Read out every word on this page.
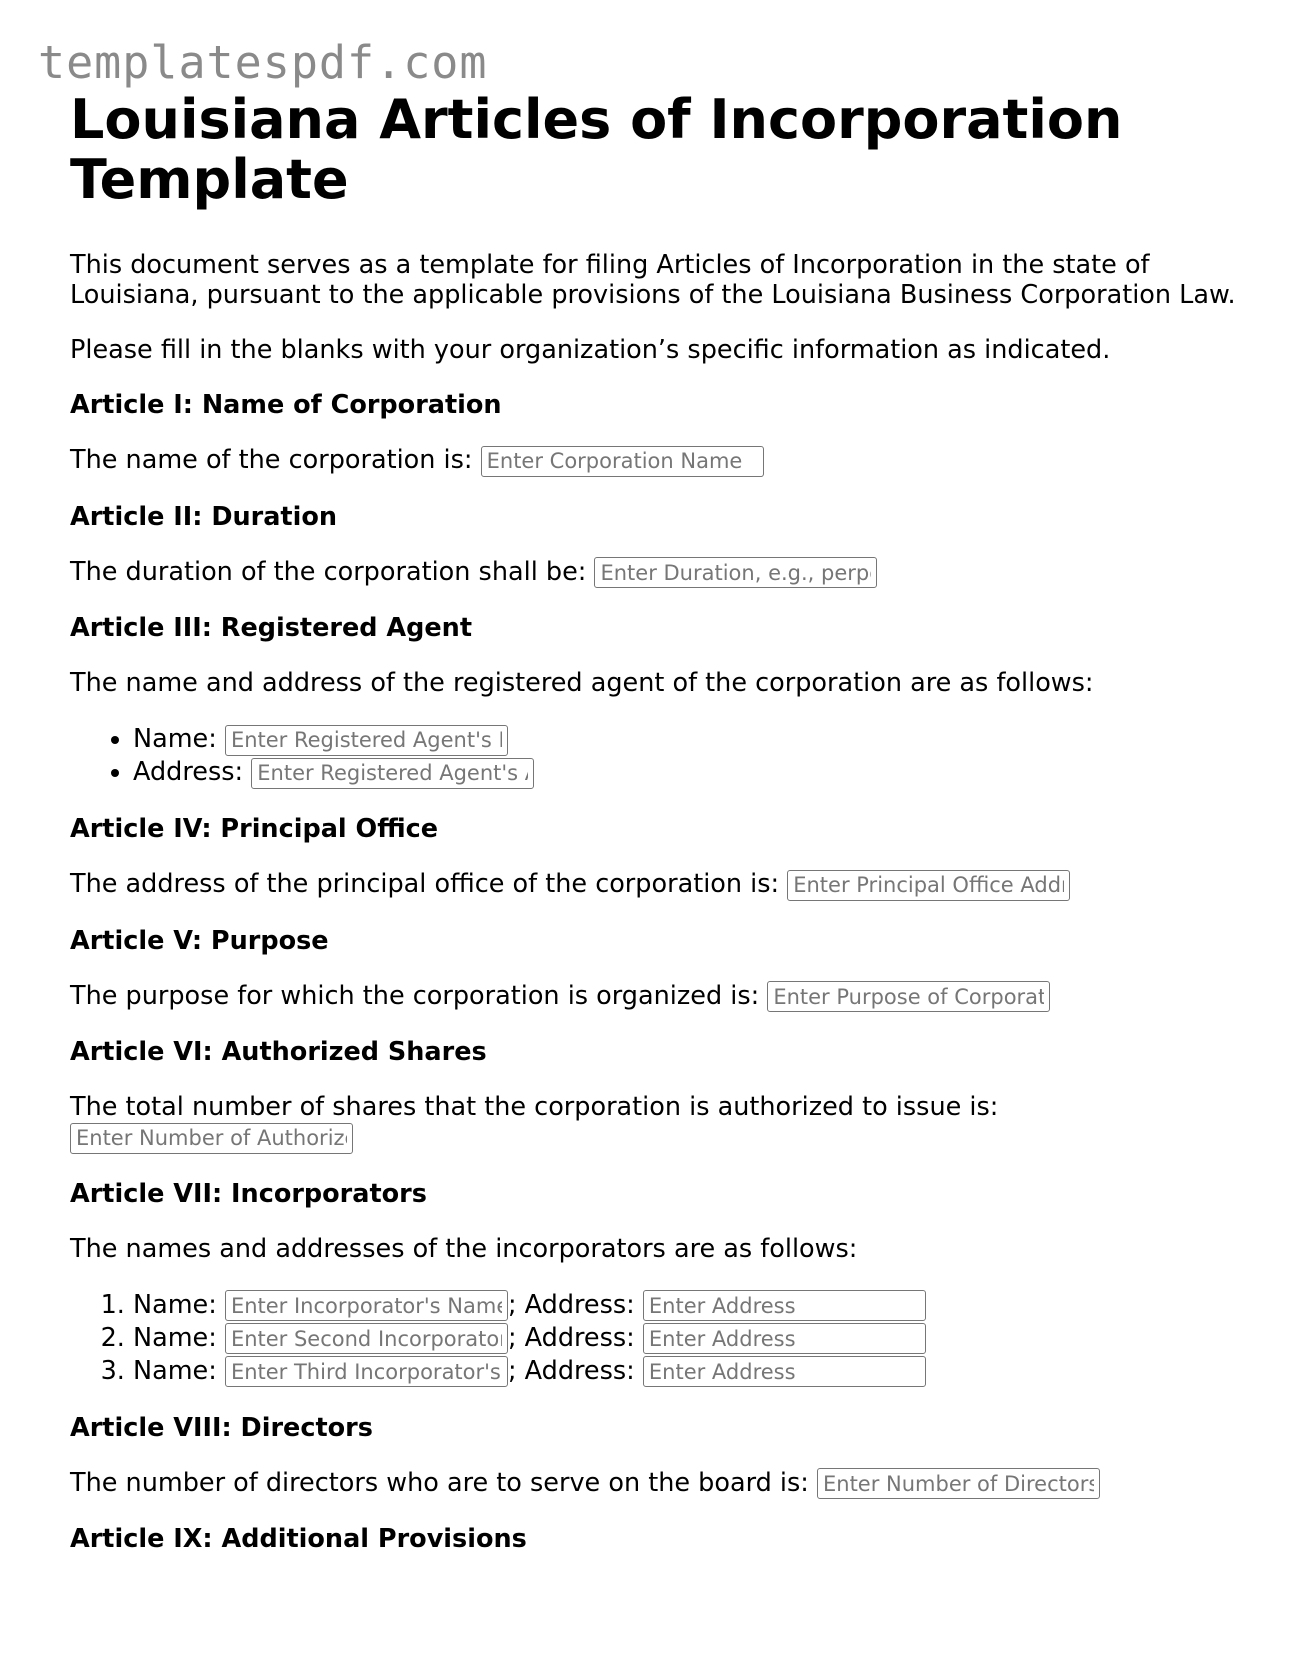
templatespdf.com
Louisiana Articles of Incorporation Template

This document serves as a template for filing Articles of Incorporation in the state of Louisiana, pursuant to the applicable provisions of the Louisiana Business Corporation Law.

Please fill in the blanks with your organization’s specific information as indicated.

Article I: Name of Corporation
The name of the corporation is: Enter Corporation Name
Article II: Duration
The duration of the corporation shall be: Enter Duration, e.g., perpetual
Article III: Registered Agent
The name and address of the registered agent of the corporation are as follows:
• Name: Enter Registered Agent's Name
• Address: Enter Registered Agent's Address
Article IV: Principal Office
The address of the principal office of the corporation is: Enter Principal Office Address
Article V: Purpose
The purpose for which the corporation is organized is: Enter Purpose of Corporation
Article VI: Authorized Shares
The total number of shares that the corporation is authorized to issue is:
Enter Number of Authorized Shares
Article VII: Incorporators
The names and addresses of the incorporators are as follows:
1. Name: Enter Incorporator's Name	; Address: Enter Address
2. Name: Enter Second Incorporator's Name	; Address: Enter Address
3. Name: Enter Third Incorporator's Name	; Address: Enter Address
Article VIII: Directors
The number of directors who are to serve on the board is: Enter Number of Directors
Article IX: Additional Provisions
